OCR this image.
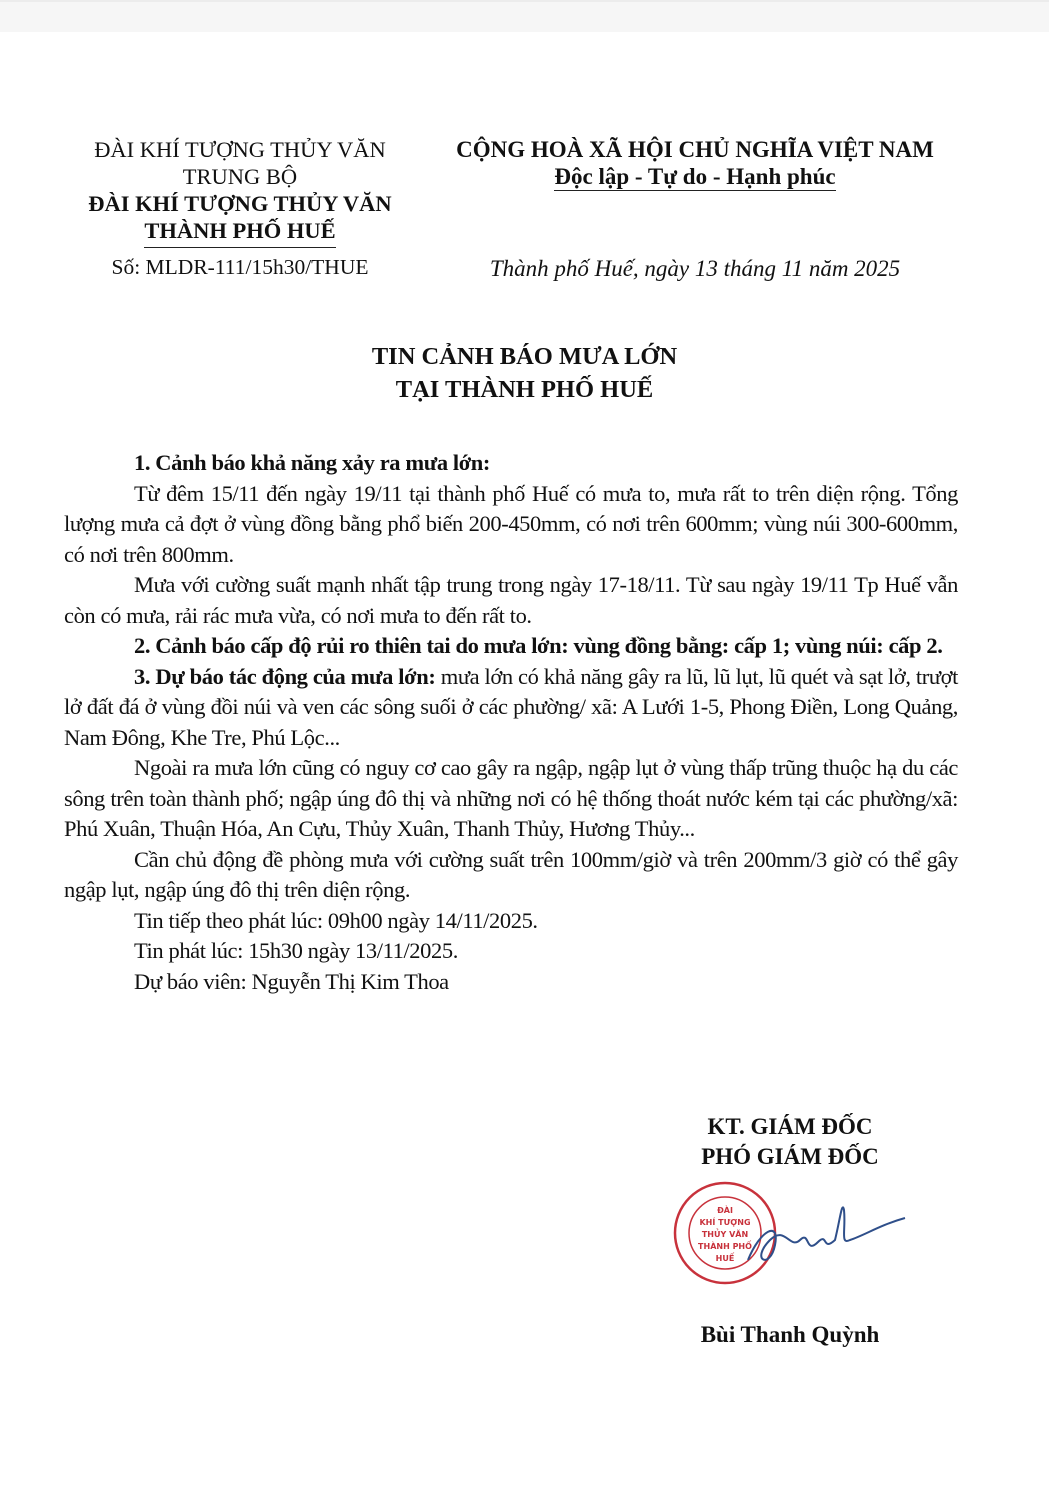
ĐÀI KHÍ TƯỢNG THỦY VĂN
TRUNG BỘ
ĐÀI KHÍ TƯỢNG THỦY VĂN
THÀNH PHỐ HUẾ
Số: MLDR-111/15h30/THUE
CỘNG HOÀ XÃ HỘI CHỦ NGHĨA VIỆT NAM
Độc lập - Tự do - Hạnh phúc
Thành phố Huế, ngày 13 tháng 11 năm 2025
TIN CẢNH BÁO MƯA LỚN
TẠI THÀNH PHỐ HUẾ

1. Cảnh báo khả năng xảy ra mưa lớn:

Từ đêm 15/11 đến ngày 19/11 tại thành phố Huế có mưa to, mưa rất to trên diện rộng. Tổng lượng mưa cả đợt ở vùng đồng bằng phổ biến 200-450mm, có nơi trên 600mm; vùng núi 300-600mm, có nơi trên 800mm.

Mưa với cường suất mạnh nhất tập trung trong ngày 17-18/11. Từ sau ngày 19/11 Tp Huế vẫn còn có mưa, rải rác mưa vừa, có nơi mưa to đến rất to.

2. Cảnh báo cấp độ rủi ro thiên tai do mưa lớn: vùng đồng bằng: cấp 1; vùng núi: cấp 2.

3. Dự báo tác động của mưa lớn: mưa lớn có khả năng gây ra lũ, lũ lụt, lũ quét và sạt lở, trượt lở đất đá ở vùng đồi núi và ven các sông suối ở các phường/ xã: A Lưới 1-5, Phong Điền, Long Quảng, Nam Đông, Khe Tre, Phú Lộc...

Ngoài ra mưa lớn cũng có nguy cơ cao gây ra ngập, ngập lụt ở vùng thấp trũng thuộc hạ du các sông trên toàn thành phố; ngập úng đô thị và những nơi có hệ thống thoát nước kém tại các phường/xã: Phú Xuân, Thuận Hóa, An Cựu, Thủy Xuân, Thanh Thủy, Hương Thủy...

Cần chủ động đề phòng mưa với cường suất trên 100mm/giờ và trên 200mm/3 giờ có thể gây ngập lụt, ngập úng đô thị trên diện rộng.

Tin tiếp theo phát lúc: 09h00 ngày 14/11/2025.

Tin phát lúc: 15h30 ngày 13/11/2025.

Dự báo viên: Nguyễn Thị Kim Thoa

KT. GIÁM ĐỐC
PHÓ GIÁM ĐỐC
ĐÀI
KHÍ TƯỢNG
THỦY VĂN
THÀNH PHỐ
HUẾ
Bùi Thanh Quỳnh
